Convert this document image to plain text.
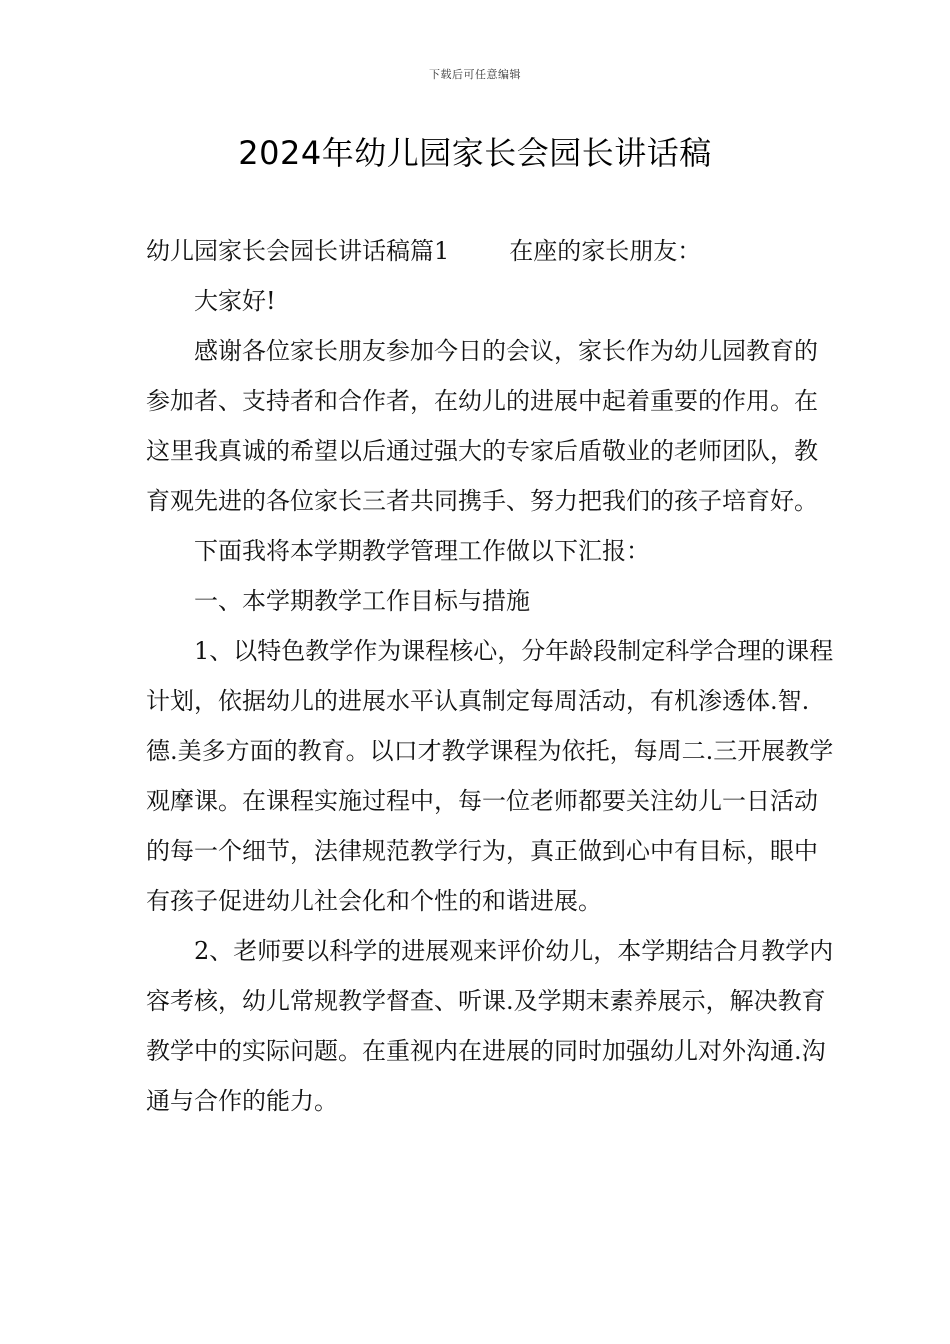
下载后可任意编辑
2024年幼儿园家长会园长讲话稿

幼儿园家长会园长讲话稿篇1	在座的家长朋友：

大家好!

感谢各位家长朋友参加今日的会议，家长作为幼儿园教育的参加者、支持者和合作者，在幼儿的进展中起着重要的作用。在这里我真诚的希望以后通过强大的专家后盾敬业的老师团队，教育观先进的各位家长三者共同携手、努力把我们的孩子培育好。

下面我将本学期教学管理工作做以下汇报：

一、本学期教学工作目标与措施

1、以特色教学作为课程核心，分年龄段制定科学合理的课程计划，依据幼儿的进展水平认真制定每周活动，有机渗透体.智.德.美多方面的教育。以口才教学课程为依托，每周二.三开展教学观摩课。在课程实施过程中，每一位老师都要关注幼儿一日活动的每一个细节，法律规范教学行为，真正做到心中有目标，眼中有孩子促进幼儿社会化和个性的和谐进展。

2、老师要以科学的进展观来评价幼儿，本学期结合月教学内容考核，幼儿常规教学督查、听课.及学期末素养展示，解决教育教学中的实际问题。在重视内在进展的同时加强幼儿对外沟通.沟通与合作的能力。
